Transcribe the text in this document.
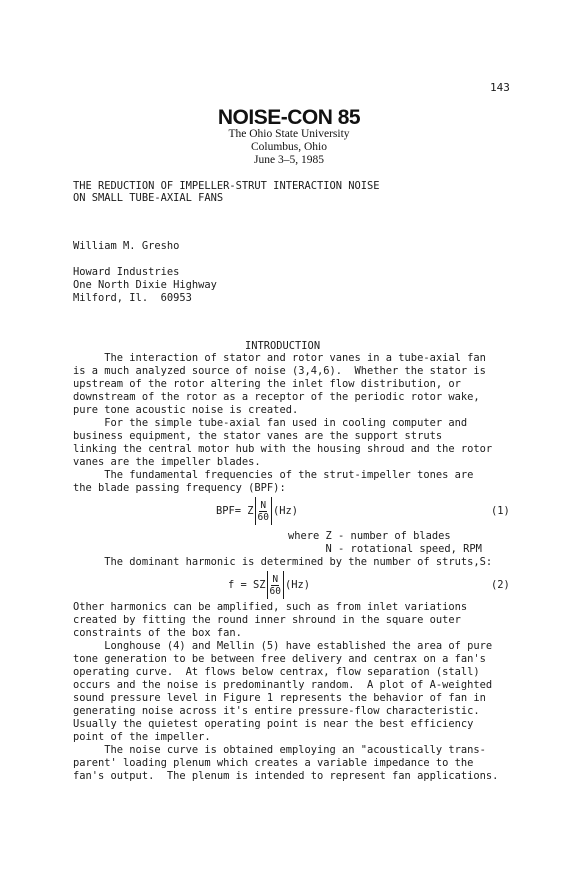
143
NOISE-CON 85
The Ohio State University
Columbus, Ohio
June 3–5, 1985
THE REDUCTION OF IMPELLER-STRUT INTERACTION NOISE
ON SMALL TUBE-AXIAL FANS
William M. Gresho
Howard Industries
One North Dixie Highway
Milford, Il.  60953
INTRODUCTION
The interaction of stator and rotor vanes in a tube-axial fan
is a much analyzed source of noise (3,4,6).  Whether the stator is
upstream of the rotor altering the inlet flow distribution, or
downstream of the rotor as a receptor of the periodic rotor wake,
pure tone acoustic noise is created.
For the simple tube-axial fan used in cooling computer and
business equipment, the stator vanes are the support struts
linking the central motor hub with the housing shroud and the rotor
vanes are the impeller blades.
The fundamental frequencies of the strut-impeller tones are
the blade passing frequency (BPF):
BPF= Z $\frac{N}{60} (Hz)$	(1)
where Z - number of blades
N - rotational speed, RPM
The dominant harmonic is determined by the number of struts,S:
f = SZ $\frac{N}{60} (Hz)$	(2)
Other harmonics can be amplified, such as from inlet variations
created by fitting the round inner shround in the square outer
constraints of the box fan.
Longhouse (4) and Mellin (5) have established the area of pure
tone generation to be between free delivery and centrax on a fan's
operating curve.  At flows below centrax, flow separation (stall)
occurs and the noise is predominantly random.  A plot of A-weighted
sound pressure level in Figure 1 represents the behavior of fan in
generating noise across it's entire pressure-flow characteristic.
Usually the quietest operating point is near the best efficiency
point of the impeller.
The noise curve is obtained employing an "acoustically trans-
parent' loading plenum which creates a variable impedance to the
fan's output.  The plenum is intended to represent fan applications.
